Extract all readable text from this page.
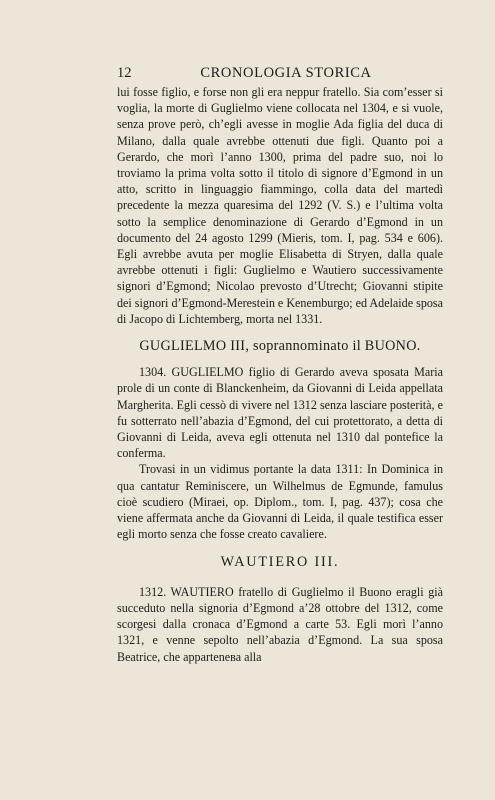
12	CRONOLOGIA STORICA

lui fosse figlio, e forse non gli era neppur fratello. Sia com’esser si voglia, la morte di Guglielmo viene collocata nel 1304, e si vuole, senza prove però, ch’egli avesse in moglie Ada figlia del duca di Milano, dalla quale avrebbe ottenuti due figli. Quanto poi a Gerardo, che morì l’anno 1300, prima del padre suo, noi lo troviamo la prima volta sotto il titolo di signore d’Egmond in un atto, scritto in linguaggio fiammingo, colla data del martedì precedente la mezza quaresima del 1292 (V. S.) e l’ultima volta sotto la semplice denominazione di Gerardo d’Egmond in un documento del 24 agosto 1299 (Mieris, tom. I, pag. 534 e 606). Egli avrebbe avuta per moglie Elisabetta di Stryen, dalla quale avrebbe ottenuti i figli: Guglielmo e Wautiero successivamente signori d’Egmond; Nicolao prevosto d’Utrecht; Giovanni stipite dei signori d’Egmond-Merestein e Kenemburgo; ed Adelaide sposa di Jacopo di Lichtemberg, morta nel 1331.

GUGLIELMO III, soprannominato il BUONO.

1304. GUGLIELMO figlio di Gerardo aveva sposata Maria prole di un conte di Blanckenheim, da Giovanni di Leida appellata Margherita. Egli cessò di vivere nel 1312 senza lasciare posterità, e fu sotterrato nell’abazia d’Egmond, del cui protettorato, a detta di Giovanni di Leida, aveva egli ottenuta nel 1310 dal pontefice la conferma.

Trovasi in un vidimus portante la data 1311: In Dominica in qua cantatur Reminiscere, un Wilhelmus de Egmunde, famulus cioè scudiero (Miraei, op. Diplom., tom. I, pag. 437); cosa che viene affermata anche da Giovanni di Leida, il quale testifica esser egli morto senza che fosse creato cavaliere.

WAUTIERO III.

1312. WAUTIERO fratello di Guglielmo il Buono eragli già succeduto nella signoria d’Egmond a’28 ottobre del 1312, come scorgesi dalla cronaca d’Egmond a carte 53. Egli morì l’anno 1321, e venne sepolto nell’abazia d’Egmond. La sua sposa Beatrice, che appartenева alla
